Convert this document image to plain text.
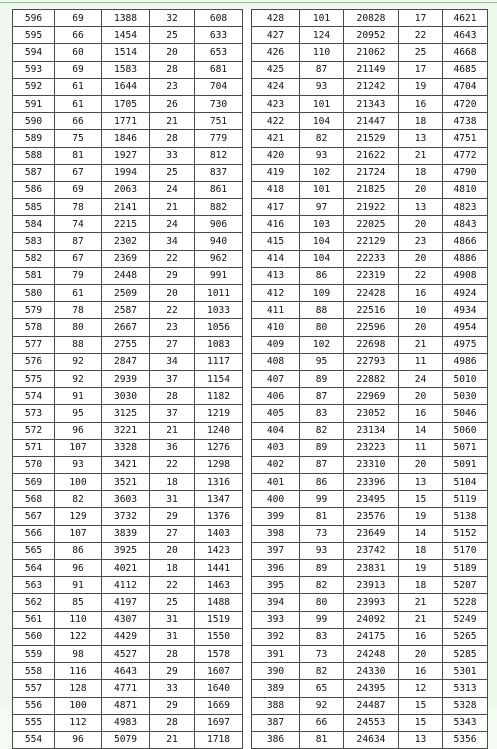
596	69	1388	32	608		428	101	20828	17	4621
595	66	1454	25	633		427	124	20952	22	4643
594	60	1514	20	653		426	110	21062	25	4668
593	69	1583	28	681		425	87	21149	17	4685
592	61	1644	23	704		424	93	21242	19	4704
591	61	1705	26	730		423	101	21343	16	4720
590	66	1771	21	751		422	104	21447	18	4738
589	75	1846	28	779		421	82	21529	13	4751
588	81	1927	33	812		420	93	21622	21	4772
587	67	1994	25	837		419	102	21724	18	4790
586	69	2063	24	861		418	101	21825	20	4810
585	78	2141	21	882		417	97	21922	13	4823
584	74	2215	24	906		416	103	22025	20	4843
583	87	2302	34	940		415	104	22129	23	4866
582	67	2369	22	962		414	104	22233	20	4886
581	79	2448	29	991		413	86	22319	22	4908
580	61	2509	20	1011		412	109	22428	16	4924
579	78	2587	22	1033		411	88	22516	10	4934
578	80	2667	23	1056		410	80	22596	20	4954
577	88	2755	27	1083		409	102	22698	21	4975
576	92	2847	34	1117		408	95	22793	11	4986
575	92	2939	37	1154		407	89	22882	24	5010
574	91	3030	28	1182		406	87	22969	20	5030
573	95	3125	37	1219		405	83	23052	16	5046
572	96	3221	21	1240		404	82	23134	14	5060
571	107	3328	36	1276		403	89	23223	11	5071
570	93	3421	22	1298		402	87	23310	20	5091
569	100	3521	18	1316		401	86	23396	13	5104
568	82	3603	31	1347		400	99	23495	15	5119
567	129	3732	29	1376		399	81	23576	19	5138
566	107	3839	27	1403		398	73	23649	14	5152
565	86	3925	20	1423		397	93	23742	18	5170
564	96	4021	18	1441		396	89	23831	19	5189
563	91	4112	22	1463		395	82	23913	18	5207
562	85	4197	25	1488		394	80	23993	21	5228
561	110	4307	31	1519		393	99	24092	21	5249
560	122	4429	31	1550		392	83	24175	16	5265
559	98	4527	28	1578		391	73	24248	20	5285
558	116	4643	29	1607		390	82	24330	16	5301
557	128	4771	33	1640		389	65	24395	12	5313
556	100	4871	29	1669		388	92	24487	15	5328
555	112	4983	28	1697		387	66	24553	15	5343
554	96	5079	21	1718		386	81	24634	13	5356
